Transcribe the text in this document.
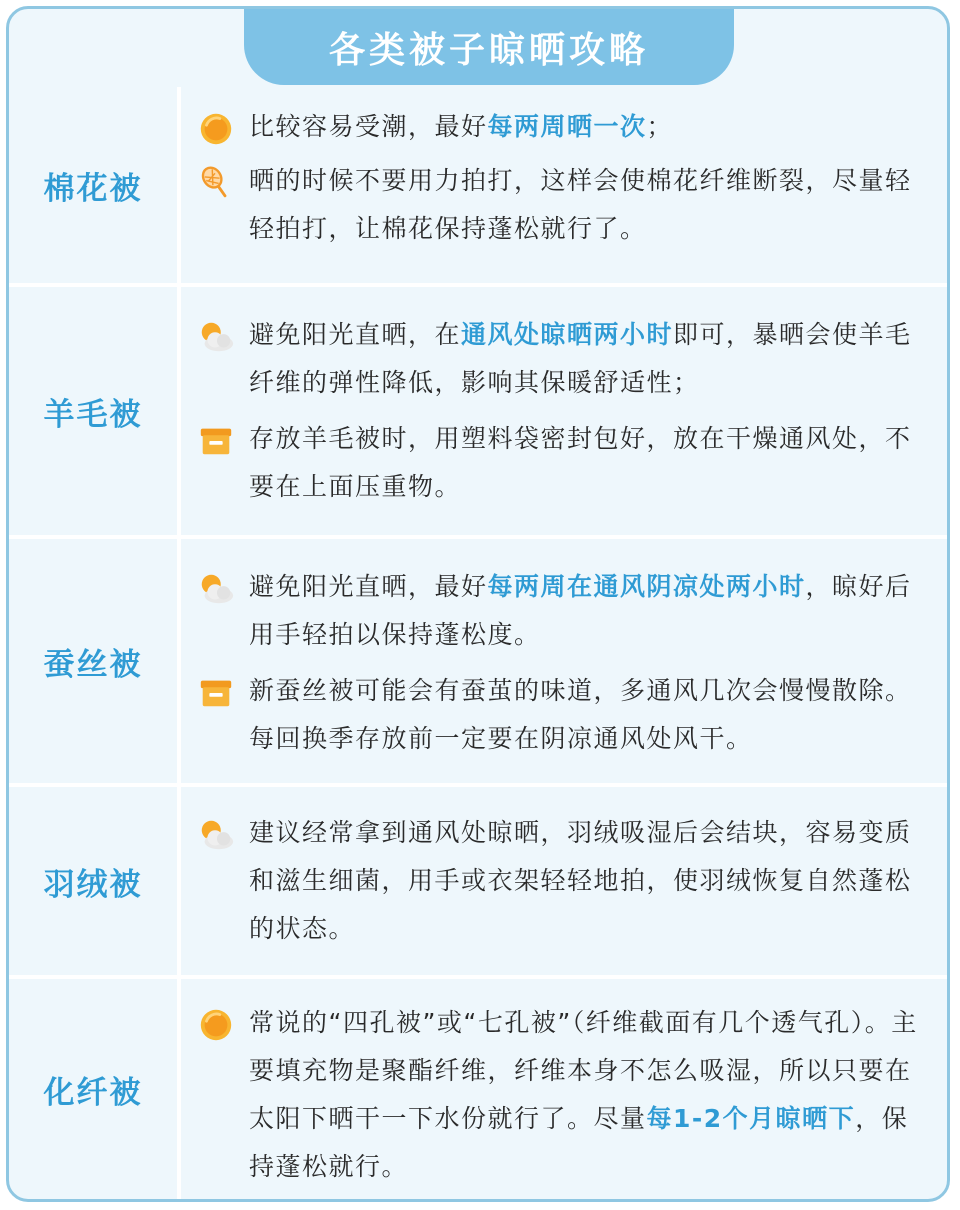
各类被子晾晒攻略
棉花被
比较容易受潮，最好每两周晒一次；
晒的时候不要用力拍打，这样会使棉花纤维断裂，尽量轻轻拍打，让棉花保持蓬松就行了。
羊毛被
避免阳光直晒，在通风处晾晒两小时即可，暴晒会使羊毛纤维的弹性降低，影响其保暖舒适性；
存放羊毛被时，用塑料袋密封包好，放在干燥通风处，不要在上面压重物。
蚕丝被
避免阳光直晒，最好每两周在通风阴凉处两小时，晾好后用手轻拍以保持蓬松度。
新蚕丝被可能会有蚕茧的味道，多通风几次会慢慢散除。每回换季存放前一定要在阴凉通风处风干。
羽绒被
建议经常拿到通风处晾晒，羽绒吸湿后会结块，容易变质和滋生细菌，用手或衣架轻轻地拍，使羽绒恢复自然蓬松的状态。
化纤被
常说的“四孔被”或“七孔被”（纤维截面有几个透气孔）。主要填充物是聚酯纤维，纤维本身不怎么吸湿，所以只要在太阳下晒干一下水份就行了。尽量每1-2个月晾晒下，保持蓬松就行。
